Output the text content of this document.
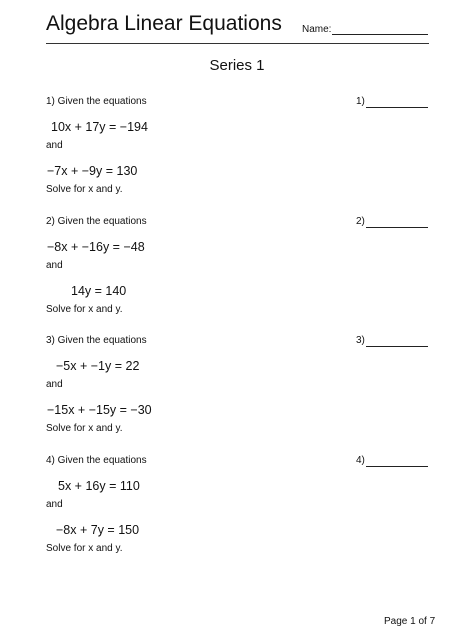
Algebra Linear Equations Name:
Series 1
1) Given the equations	1)
10x + 17y = −194
and
−7x + −9y = 130
Solve for x and y.
2) Given the equations	2)
−8x + −16y = −48
and
14y = 140
Solve for x and y.
3) Given the equations	3)
−5x + −1y = 22
and
−15x + −15y = −30
Solve for x and y.
4) Given the equations	4)
5x + 16y = 110
and
−8x + 7y = 150
Solve for x and y.
Page 1 of 7
